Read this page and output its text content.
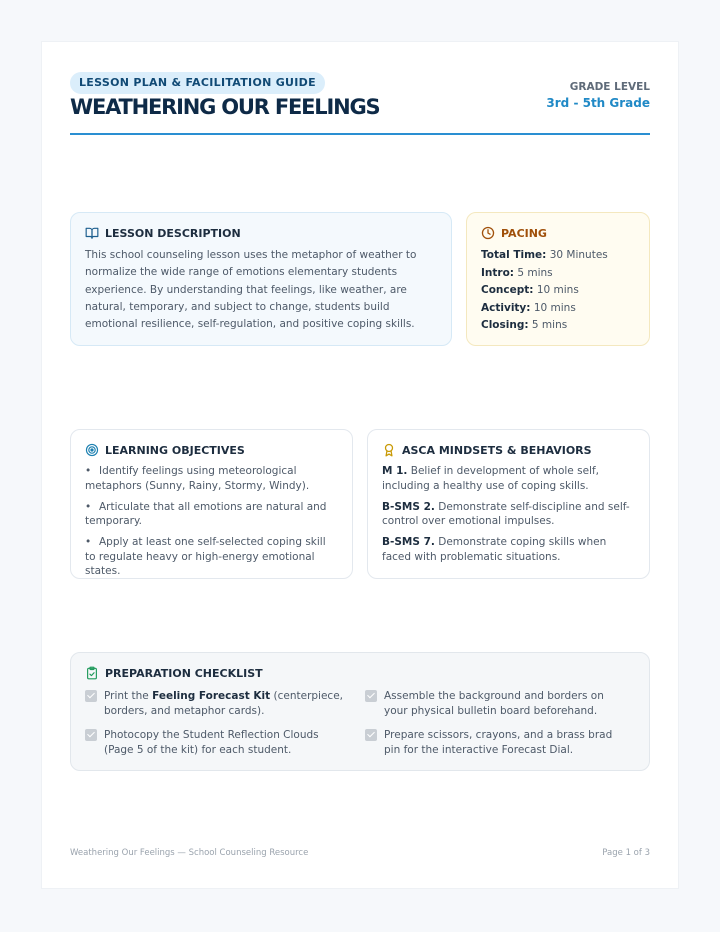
LESSON PLAN & FACILITATION GUIDE
WEATHERING OUR FEELINGS
GRADE LEVEL
3rd - 5th Grade
LESSON DESCRIPTION
This school counseling lesson uses the metaphor of weather to normalize the wide range of emotions elementary students experience. By understanding that feelings, like weather, are natural, temporary, and subject to change, students build emotional resilience, self-regulation, and positive coping skills.
PACING
Total Time: 30 Minutes
Intro: 5 mins
Concept: 10 mins
Activity: 10 mins
Closing: 5 mins
LEARNING OBJECTIVES
• Identify feelings using meteorological metaphors (Sunny, Rainy, Stormy, Windy).
• Articulate that all emotions are natural and temporary.
• Apply at least one self-selected coping skill to regulate heavy or high-energy emotional states.
ASCA MINDSETS & BEHAVIORS
M 1. Belief in development of whole self, including a healthy use of coping skills.
B-SMS 2. Demonstrate self-discipline and self-control over emotional impulses.
B-SMS 7. Demonstrate coping skills when faced with problematic situations.
PREPARATION CHECKLIST
Print the Feeling Forecast Kit (centerpiece, borders, and metaphor cards).
Assemble the background and borders on your physical bulletin board beforehand.
Photocopy the Student Reflection Clouds (Page 5 of the kit) for each student.
Prepare scissors, crayons, and a brass brad pin for the interactive Forecast Dial.
Weathering Our Feelings — School Counseling Resource	Page 1 of 3
